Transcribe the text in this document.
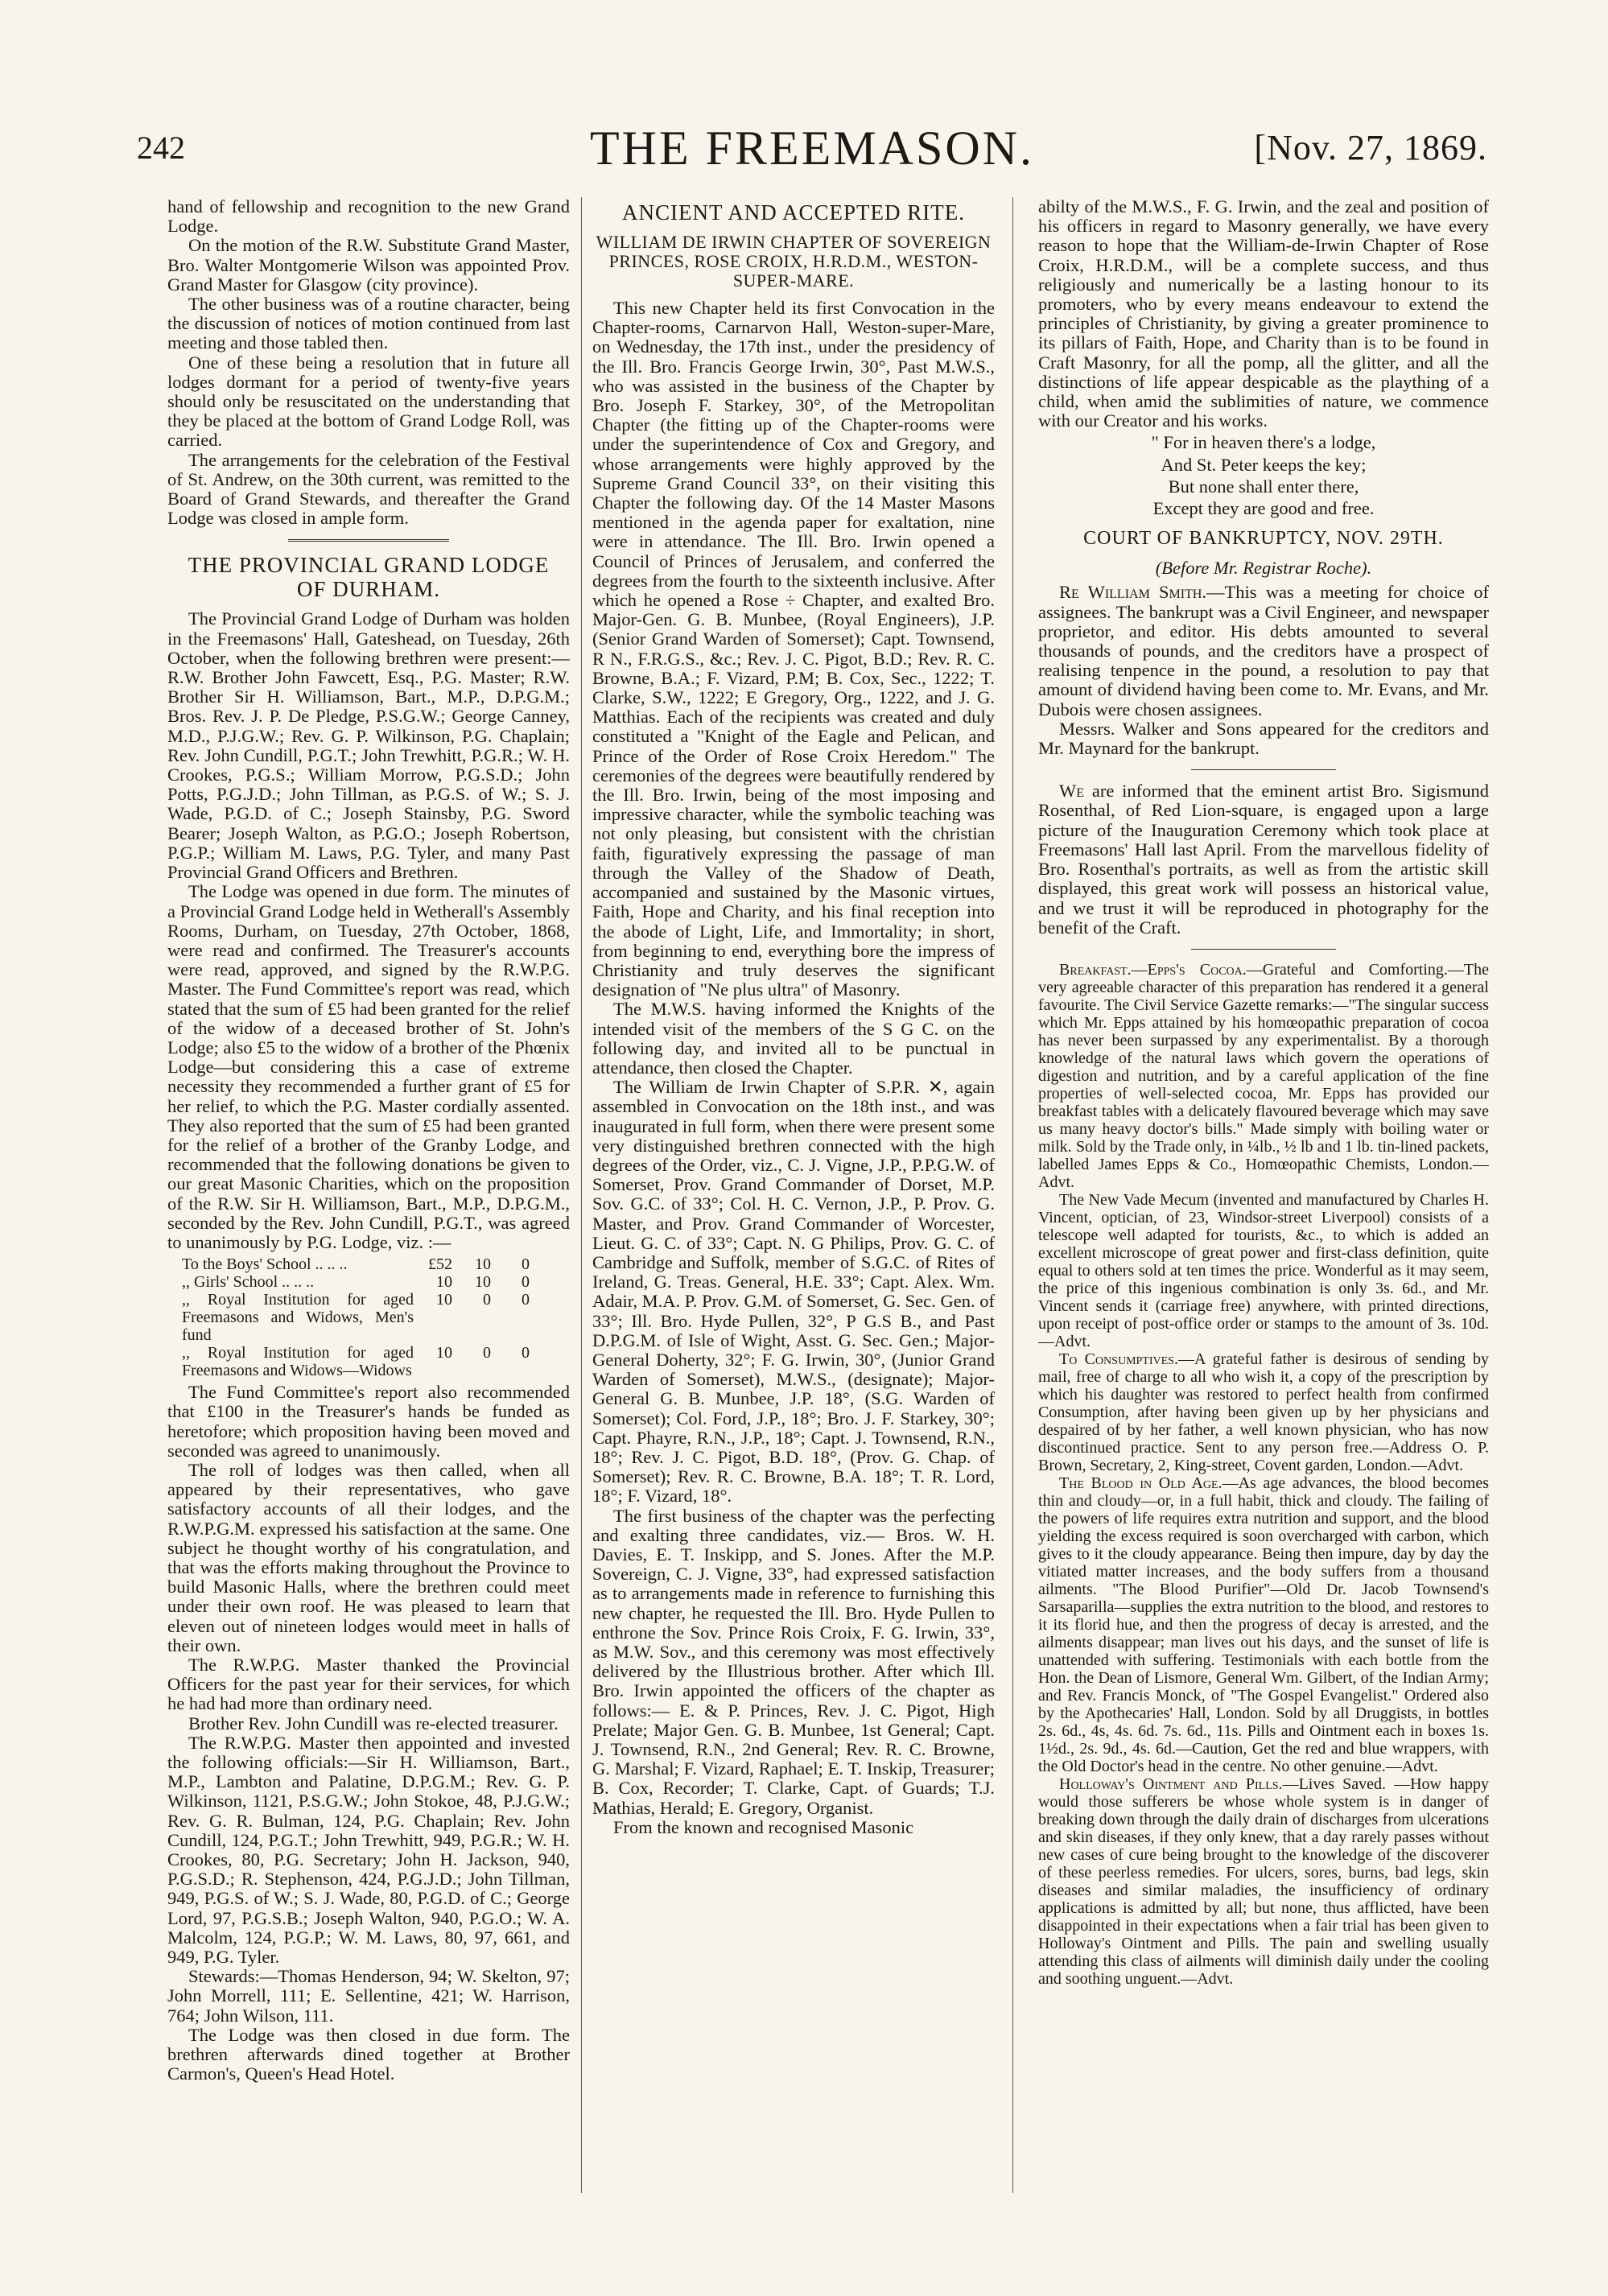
242	THE FREEMASON.	[Nov. 27, 1869.

hand of fellowship and recognition to the new Grand Lodge.

On the motion of the R.W. Substitute Grand Master, Bro. Walter Montgomerie Wilson was appointed Prov. Grand Master for Glasgow (city province).

The other business was of a routine character, being the discussion of notices of motion continued from last meeting and those tabled then.

One of these being a resolution that in future all lodges dormant for a period of twenty-five years should only be resuscitated on the understanding that they be placed at the bottom of Grand Lodge Roll, was carried.

The arrangements for the celebration of the Festival of St. Andrew, on the 30th current, was remitted to the Board of Grand Stewards, and thereafter the Grand Lodge was closed in ample form.

THE PROVINCIAL GRAND LODGE
OF DURHAM.

The Provincial Grand Lodge of Durham was holden in the Freemasons' Hall, Gateshead, on Tuesday, 26th October, when the following brethren were present:— R.W. Brother John Fawcett, Esq., P.G. Master; R.W. Brother Sir H. Williamson, Bart., M.P., D.P.G.M.; Bros. Rev. J. P. De Pledge, P.S.G.W.; George Canney, M.D., P.J.G.W.; Rev. G. P. Wilkinson, P.G. Chaplain; Rev. John Cundill, P.G.T.; John Trewhitt, P.G.R.; W. H. Crookes, P.G.S.; William Morrow, P.G.S.D.; John Potts, P.G.J.D.; John Tillman, as P.G.S. of W.; S. J. Wade, P.G.D. of C.; Joseph Stainsby, P.G. Sword Bearer; Joseph Walton, as P.G.O.; Joseph Robertson, P.G.P.; William M. Laws, P.G. Tyler, and many Past Provincial Grand Officers and Brethren.

The Lodge was opened in due form. The minutes of a Provincial Grand Lodge held in Wetherall's Assembly Rooms, Durham, on Tuesday, 27th October, 1868, were read and confirmed. The Treasurer's accounts were read, approved, and signed by the R.W.P.G. Master. The Fund Committee's report was read, which stated that the sum of £5 had been granted for the relief of the widow of a deceased brother of St. John's Lodge; also £5 to the widow of a brother of the Phœnix Lodge—but considering this a case of extreme necessity they recommended a further grant of £5 for her relief, to which the P.G. Master cordially assented. They also reported that the sum of £5 had been granted for the relief of a brother of the Granby Lodge, and recommended that the following donations be given to our great Masonic Charities, which on the proposition of the R.W. Sir H. Williamson, Bart., M.P., D.P.G.M., seconded by the Rev. John Cundill, P.G.T., was agreed to unanimously by P.G. Lodge, viz. :—

To the Boys' School .. .. ..	£52	10	0
,, Girls' School .. .. ..	10	10	0
,, Royal Institution for aged Freemasons and Widows, Men's fund	10	0	0
,, Royal Institution for aged Freemasons and Widows—Widows	10	0	0

The Fund Committee's report also recommended that £100 in the Treasurer's hands be funded as heretofore; which proposition having been moved and seconded was agreed to unanimously.

The roll of lodges was then called, when all appeared by their representatives, who gave satisfactory accounts of all their lodges, and the R.W.P.G.M. expressed his satisfaction at the same. One subject he thought worthy of his congratulation, and that was the efforts making throughout the Province to build Masonic Halls, where the brethren could meet under their own roof. He was pleased to learn that eleven out of nineteen lodges would meet in halls of their own.

The R.W.P.G. Master thanked the Provincial Officers for the past year for their services, for which he had had more than ordinary need.

Brother Rev. John Cundill was re-elected treasurer.

The R.W.P.G. Master then appointed and invested the following officials:—Sir H. Williamson, Bart., M.P., Lambton and Palatine, D.P.G.M.; Rev. G. P. Wilkinson, 1121, P.S.G.W.; John Stokoe, 48, P.J.G.W.; Rev. G. R. Bulman, 124, P.G. Chaplain; Rev. John Cundill, 124, P.G.T.; John Trewhitt, 949, P.G.R.; W. H. Crookes, 80, P.G. Secretary; John H. Jackson, 940, P.G.S.D.; R. Stephenson, 424, P.G.J.D.; John Tillman, 949, P.G.S. of W.; S. J. Wade, 80, P.G.D. of C.; George Lord, 97, P.G.S.B.; Joseph Walton, 940, P.G.O.; W. A. Malcolm, 124, P.G.P.; W. M. Laws, 80, 97, 661, and 949, P.G. Tyler.

Stewards:—Thomas Henderson, 94; W. Skelton, 97; John Morrell, 111; E. Sellentine, 421; W. Harrison, 764; John Wilson, 111.

The Lodge was then closed in due form. The brethren afterwards dined together at Brother Carmon's, Queen's Head Hotel.

ANCIENT AND ACCEPTED RITE.
WILLIAM DE IRWIN CHAPTER OF SOVEREIGN PRINCES, ROSE CROIX, H.R.D.M., WESTON-SUPER-MARE.

This new Chapter held its first Convocation in the Chapter-rooms, Carnarvon Hall, Weston-super-Mare, on Wednesday, the 17th inst., under the presidency of the Ill. Bro. Francis George Irwin, 30°, Past M.W.S., who was assisted in the business of the Chapter by Bro. Joseph F. Starkey, 30°, of the Metropolitan Chapter (the fitting up of the Chapter-rooms were under the superintendence of Cox and Gregory, and whose arrangements were highly approved by the Supreme Grand Council 33°, on their visiting this Chapter the following day. Of the 14 Master Masons mentioned in the agenda paper for exaltation, nine were in attendance. The Ill. Bro. Irwin opened a Council of Princes of Jerusalem, and conferred the degrees from the fourth to the sixteenth inclusive. After which he opened a Rose ÷ Chapter, and exalted Bro. Major-Gen. G. B. Munbee, (Royal Engineers), J.P. (Senior Grand Warden of Somerset); Capt. Townsend, R N., F.R.G.S., &c.; Rev. J. C. Pigot, B.D.; Rev. R. C. Browne, B.A.; F. Vizard, P.M; B. Cox, Sec., 1222; T. Clarke, S.W., 1222; E Gregory, Org., 1222, and J. G. Matthias. Each of the recipients was created and duly constituted a "Knight of the Eagle and Pelican, and Prince of the Order of Rose Croix Heredom." The ceremonies of the degrees were beautifully rendered by the Ill. Bro. Irwin, being of the most imposing and impressive character, while the symbolic teaching was not only pleasing, but consistent with the christian faith, figuratively expressing the passage of man through the Valley of the Shadow of Death, accompanied and sustained by the Masonic virtues, Faith, Hope and Charity, and his final reception into the abode of Light, Life, and Immortality; in short, from beginning to end, everything bore the impress of Christianity and truly deserves the significant designation of "Ne plus ultra" of Masonry.

The M.W.S. having informed the Knights of the intended visit of the members of the S G C. on the following day, and invited all to be punctual in attendance, then closed the Chapter.

The William de Irwin Chapter of S.P.R. ✕, again assembled in Convocation on the 18th inst., and was inaugurated in full form, when there were present some very distinguished brethren connected with the high degrees of the Order, viz., C. J. Vigne, J.P., P.P.G.W. of Somerset, Prov. Grand Commander of Dorset, M.P. Sov. G.C. of 33°; Col. H. C. Vernon, J.P., P. Prov. G. Master, and Prov. Grand Commander of Worcester, Lieut. G. C. of 33°; Capt. N. G Philips, Prov. G. C. of Cambridge and Suffolk, member of S.G.C. of Rites of Ireland, G. Treas. General, H.E. 33°; Capt. Alex. Wm. Adair, M.A. P. Prov. G.M. of Somerset, G. Sec. Gen. of 33°; Ill. Bro. Hyde Pullen, 32°, P G.S B., and Past D.P.G.M. of Isle of Wight, Asst. G. Sec. Gen.; Major-General Doherty, 32°; F. G. Irwin, 30°, (Junior Grand Warden of Somerset), M.W.S., (designate); Major-General G. B. Munbee, J.P. 18°, (S.G. Warden of Somerset); Col. Ford, J.P., 18°; Bro. J. F. Starkey, 30°; Capt. Phayre, R.N., J.P., 18°; Capt. J. Townsend, R.N., 18°; Rev. J. C. Pigot, B.D. 18°, (Prov. G. Chap. of Somerset); Rev. R. C. Browne, B.A. 18°; T. R. Lord, 18°; F. Vizard, 18°.

The first business of the chapter was the perfecting and exalting three candidates, viz.— Bros. W. H. Davies, E. T. Inskipp, and S. Jones. After the M.P. Sovereign, C. J. Vigne, 33°, had expressed satisfaction as to arrangements made in reference to furnishing this new chapter, he requested the Ill. Bro. Hyde Pullen to enthrone the Sov. Prince Rois Croix, F. G. Irwin, 33°, as M.W. Sov., and this ceremony was most effectively delivered by the Illustrious brother. After which Ill. Bro. Irwin appointed the officers of the chapter as follows:— E. & P. Princes, Rev. J. C. Pigot, High Prelate; Major Gen. G. B. Munbee, 1st General; Capt. J. Townsend, R.N., 2nd General; Rev. R. C. Browne, G. Marshal; F. Vizard, Raphael; E. T. Inskip, Treasurer; B. Cox, Recorder; T. Clarke, Capt. of Guards; T.J. Mathias, Herald; E. Gregory, Organist.

From the known and recognised Masonic

abilty of the M.W.S., F. G. Irwin, and the zeal and position of his officers in regard to Masonry generally, we have every reason to hope that the William-de-Irwin Chapter of Rose Croix, H.R.D.M., will be a complete success, and thus religiously and numerically be a lasting honour to its promoters, who by every means endeavour to extend the principles of Christianity, by giving a greater prominence to its pillars of Faith, Hope, and Charity than is to be found in Craft Masonry, for all the pomp, all the glitter, and all the distinctions of life appear despicable as the plaything of a child, when amid the sublimities of nature, we commence with our Creator and his works.

" For in heaven there's a lodge,

And St. Peter keeps the key;

But none shall enter there,

Except they are good and free.

COURT OF BANKRUPTCY, NOV. 29TH.
(Before Mr. Registrar Roche).

Re William Smith.—This was a meeting for choice of assignees. The bankrupt was a Civil Engineer, and newspaper proprietor, and editor. His debts amounted to several thousands of pounds, and the creditors have a prospect of realising tenpence in the pound, a resolution to pay that amount of dividend having been come to. Mr. Evans, and Mr. Dubois were chosen assignees.

Messrs. Walker and Sons appeared for the creditors and Mr. Maynard for the bankrupt.

We are informed that the eminent artist Bro. Sigismund Rosenthal, of Red Lion-square, is engaged upon a large picture of the Inauguration Ceremony which took place at Freemasons' Hall last April. From the marvellous fidelity of Bro. Rosenthal's portraits, as well as from the artistic skill displayed, this great work will possess an historical value, and we trust it will be reproduced in photography for the benefit of the Craft.

Breakfast.—Epps's Cocoa.—Grateful and Comforting.—The very agreeable character of this preparation has rendered it a general favourite. The Civil Service Gazette remarks:—"The singular success which Mr. Epps attained by his homœopathic preparation of cocoa has never been surpassed by any experimentalist. By a thorough knowledge of the natural laws which govern the operations of digestion and nutrition, and by a careful application of the fine properties of well-selected cocoa, Mr. Epps has provided our breakfast tables with a delicately flavoured beverage which may save us many heavy doctor's bills." Made simply with boiling water or milk. Sold by the Trade only, in ¼lb., ½ lb and 1 lb. tin-lined packets, labelled James Epps & Co., Homœopathic Chemists, London.—Advt.

The New Vade Mecum (invented and manufactured by Charles H. Vincent, optician, of 23, Windsor-street Liverpool) consists of a telescope well adapted for tourists, &c., to which is added an excellent microscope of great power and first-class definition, quite equal to others sold at ten times the price. Wonderful as it may seem, the price of this ingenious combination is only 3s. 6d., and Mr. Vincent sends it (carriage free) anywhere, with printed directions, upon receipt of post-office order or stamps to the amount of 3s. 10d.—Advt.

To Consumptives.—A grateful father is desirous of sending by mail, free of charge to all who wish it, a copy of the prescription by which his daughter was restored to perfect health from confirmed Consumption, after having been given up by her physicians and despaired of by her father, a well known physician, who has now discontinued practice. Sent to any person free.—Address O. P. Brown, Secretary, 2, King-street, Covent garden, London.—Advt.

The Blood in Old Age.—As age advances, the blood becomes thin and cloudy—or, in a full habit, thick and cloudy. The failing of the powers of life requires extra nutrition and support, and the blood yielding the excess required is soon overcharged with carbon, which gives to it the cloudy appearance. Being then impure, day by day the vitiated matter increases, and the body suffers from a thousand ailments. "The Blood Purifier"—Old Dr. Jacob Townsend's Sarsaparilla—supplies the extra nutrition to the blood, and restores to it its florid hue, and then the progress of decay is arrested, and the ailments disappear; man lives out his days, and the sunset of life is unattended with suffering. Testimonials with each bottle from the Hon. the Dean of Lismore, General Wm. Gilbert, of the Indian Army; and Rev. Francis Monck, of "The Gospel Evangelist." Ordered also by the Apothecaries' Hall, London. Sold by all Druggists, in bottles 2s. 6d., 4s, 4s. 6d. 7s. 6d., 11s. Pills and Ointment each in boxes 1s. 1½d., 2s. 9d., 4s. 6d.—Caution, Get the red and blue wrappers, with the Old Doctor's head in the centre. No other genuine.—Advt.

Holloway's Ointment and Pills.—Lives Saved. —How happy would those sufferers be whose whole system is in danger of breaking down through the daily drain of discharges from ulcerations and skin diseases, if they only knew, that a day rarely passes without new cases of cure being brought to the knowledge of the discoverer of these peerless remedies. For ulcers, sores, burns, bad legs, skin diseases and similar maladies, the insufficiency of ordinary applications is admitted by all; but none, thus afflicted, have been disappointed in their expectations when a fair trial has been given to Holloway's Ointment and Pills. The pain and swelling usually attending this class of ailments will diminish daily under the cooling and soothing unguent.—Advt.
